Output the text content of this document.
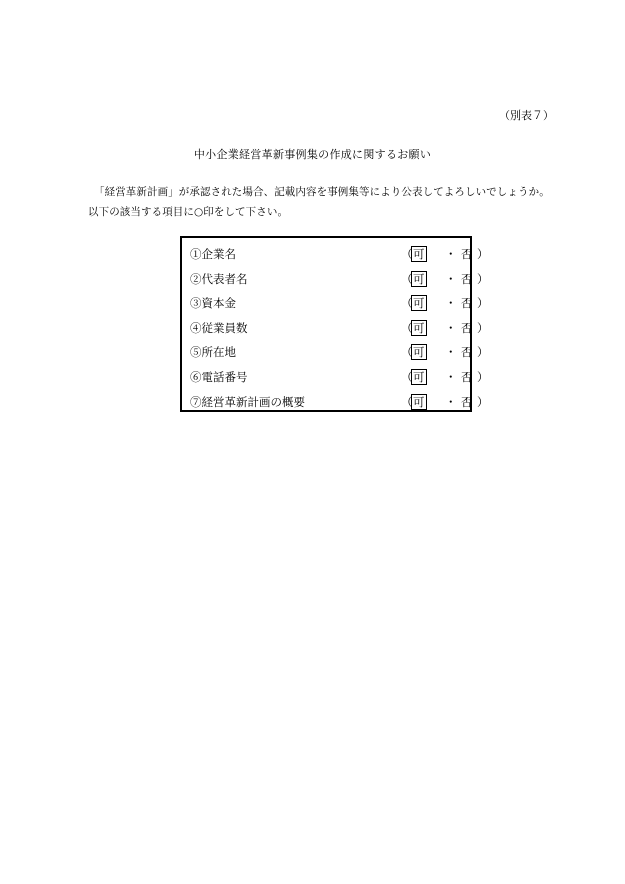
（別表７）
中小企業経営革新事例集の作成に関するお願い
「経営革新計画」が承認された場合、記載内容を事例集等により公表してよろしいでしょうか。
以下の該当する項目に○印をして下さい。
①企業名	（ 可 ・ 否 ）
②代表者名	（ 可 ・ 否 ）
③資本金	（ 可 ・ 否 ）
④従業員数	（ 可 ・ 否 ）
⑤所在地	（ 可 ・ 否 ）
⑥電話番号	（ 可 ・ 否 ）
⑦経営革新計画の概要	（ 可 ・ 否 ）
